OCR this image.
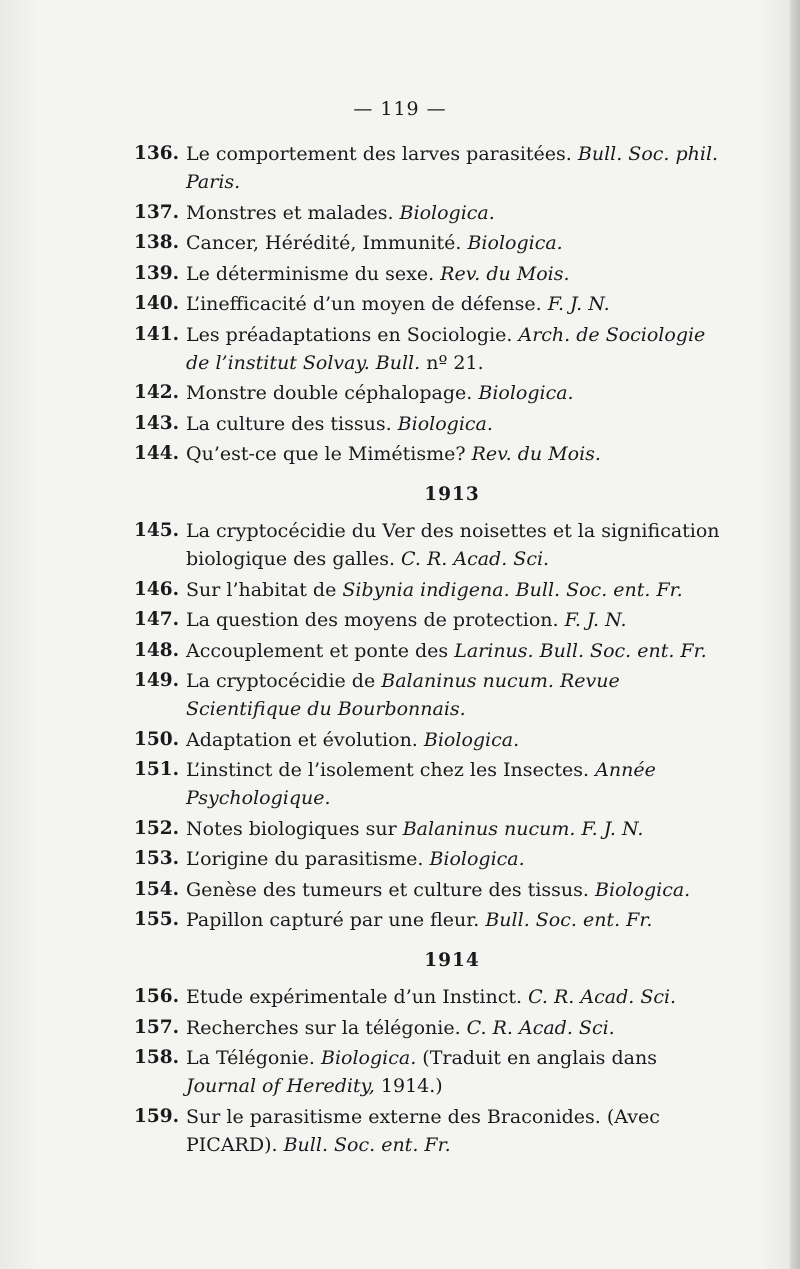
— 119 —
136. Le comportement des larves parasitées. Bull. Soc. phil. Paris.
137. Monstres et malades. Biologica.
138. Cancer, Hérédité, Immunité. Biologica.
139. Le déterminisme du sexe. Rev. du Mois.
140. L’inefficacité d’un moyen de défense. F. J. N.
141. Les préadaptations en Sociologie. Arch. de Sociologie de l’institut Solvay. Bull. nº 21.
142. Monstre double céphalopage. Biologica.
143. La culture des tissus. Biologica.
144. Qu’est-ce que le Mimétisme? Rev. du Mois.
1913
145. La cryptocécidie du Ver des noisettes et la signification biologique des galles. C. R. Acad. Sci.
146. Sur l’habitat de Sibynia indigena. Bull. Soc. ent. Fr.
147. La question des moyens de protection. F. J. N.
148. Accouplement et ponte des Larinus. Bull. Soc. ent. Fr.
149. La cryptocécidie de Balaninus nucum. Revue Scientifique du Bourbonnais.
150. Adaptation et évolution. Biologica.
151. L’instinct de l’isolement chez les Insectes. Année Psychologique.
152. Notes biologiques sur Balaninus nucum. F. J. N.
153. L’origine du parasitisme. Biologica.
154. Genèse des tumeurs et culture des tissus. Biologica.
155. Papillon capturé par une fleur. Bull. Soc. ent. Fr.
1914
156. Etude expérimentale d’un Instinct. C. R. Acad. Sci.
157. Recherches sur la télégonie. C. R. Acad. Sci.
158. La Télégonie. Biologica. (Traduit en anglais dans Journal of Heredity, 1914.)
159. Sur le parasitisme externe des Braconides. (Avec PICARD). Bull. Soc. ent. Fr.
